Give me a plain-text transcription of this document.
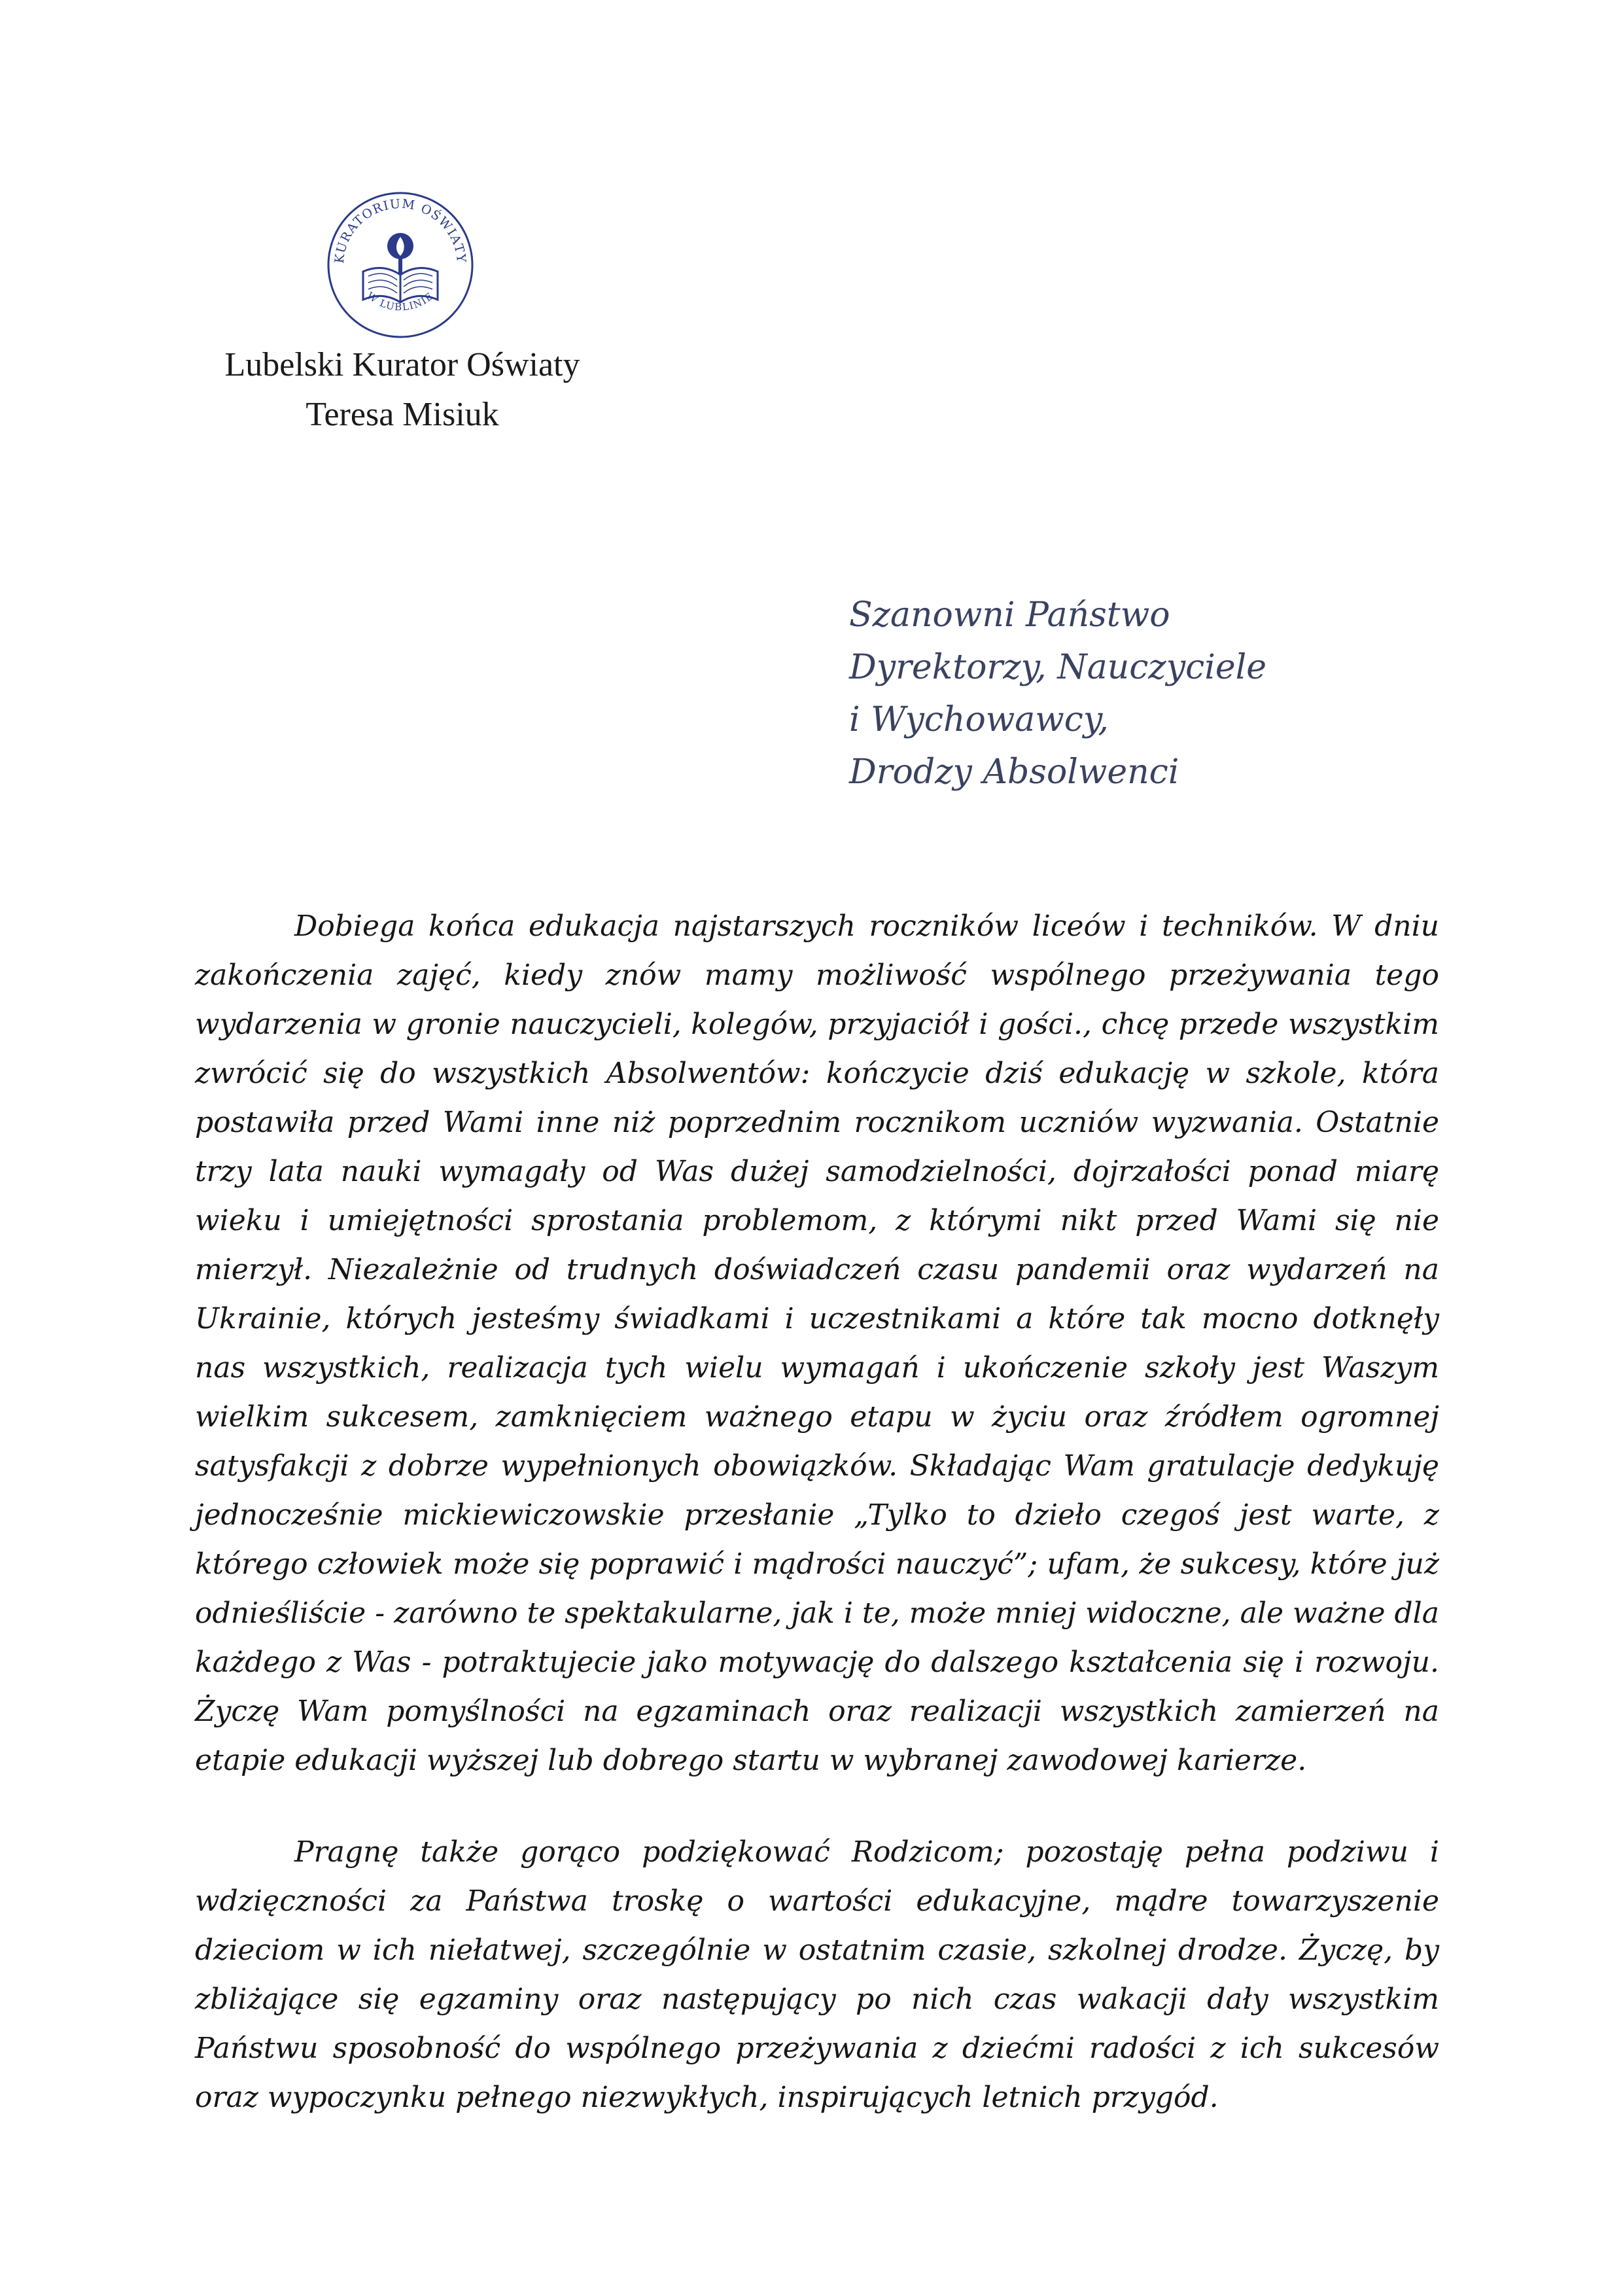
KURATORIUM OŚWIATY
W LUBLINIE
Lubelski Kurator Oświaty
Teresa Misiuk
Szanowni Państwo
Dyrektorzy, Nauczyciele
i Wychowawcy,
Drodzy Absolwenci

Dobiega końca edukacja najstarszych roczników liceów i techników. W dniu zakończenia zajęć, kiedy znów mamy możliwość wspólnego przeżywania tego wydarzenia w gronie nauczycieli, kolegów, przyjaciół i gości., chcę przede wszystkim zwrócić się do wszystkich Absolwentów: kończycie dziś edukację w szkole, która postawiła przed Wami inne niż poprzednim rocznikom uczniów wyzwania. Ostatnie trzy lata nauki wymagały od Was dużej samodzielności, dojrzałości ponad miarę wieku i umiejętności sprostania problemom, z którymi nikt przed Wami się nie mierzył. Niezależnie od trudnych doświadczeń czasu pandemii oraz wydarzeń na Ukrainie, których jesteśmy świadkami i uczestnikami a które tak mocno dotknęły nas wszystkich, realizacja tych wielu wymagań i ukończenie szkoły jest Waszym wielkim sukcesem, zamknięciem ważnego etapu w życiu oraz źródłem ogromnej satysfakcji z dobrze wypełnionych obowiązków. Składając Wam gratulacje dedykuję jednocześnie mickiewiczowskie przesłanie „Tylko to dzieło czegoś jest warte, z którego człowiek może się poprawić i mądrości nauczyć”; ufam, że sukcesy, które już odnieśliście - zarówno te spektakularne, jak i te, może mniej widoczne, ale ważne dla każdego z Was - potraktujecie jako motywację do dalszego kształcenia się i rozwoju. Życzę Wam pomyślności na egzaminach oraz realizacji wszystkich zamierzeń na etapie edukacji wyższej lub dobrego startu w wybranej zawodowej karierze.

Pragnę także gorąco podziękować Rodzicom; pozostaję pełna podziwu i wdzięczności za Państwa troskę o wartości edukacyjne, mądre towarzyszenie dzieciom w ich niełatwej, szczególnie w ostatnim czasie, szkolnej drodze. Życzę, by zbliżające się egzaminy oraz następujący po nich czas wakacji dały wszystkim Państwu sposobność do wspólnego przeżywania z dziećmi radości z ich sukcesów oraz wypoczynku pełnego niezwykłych, inspirujących letnich przygód.
